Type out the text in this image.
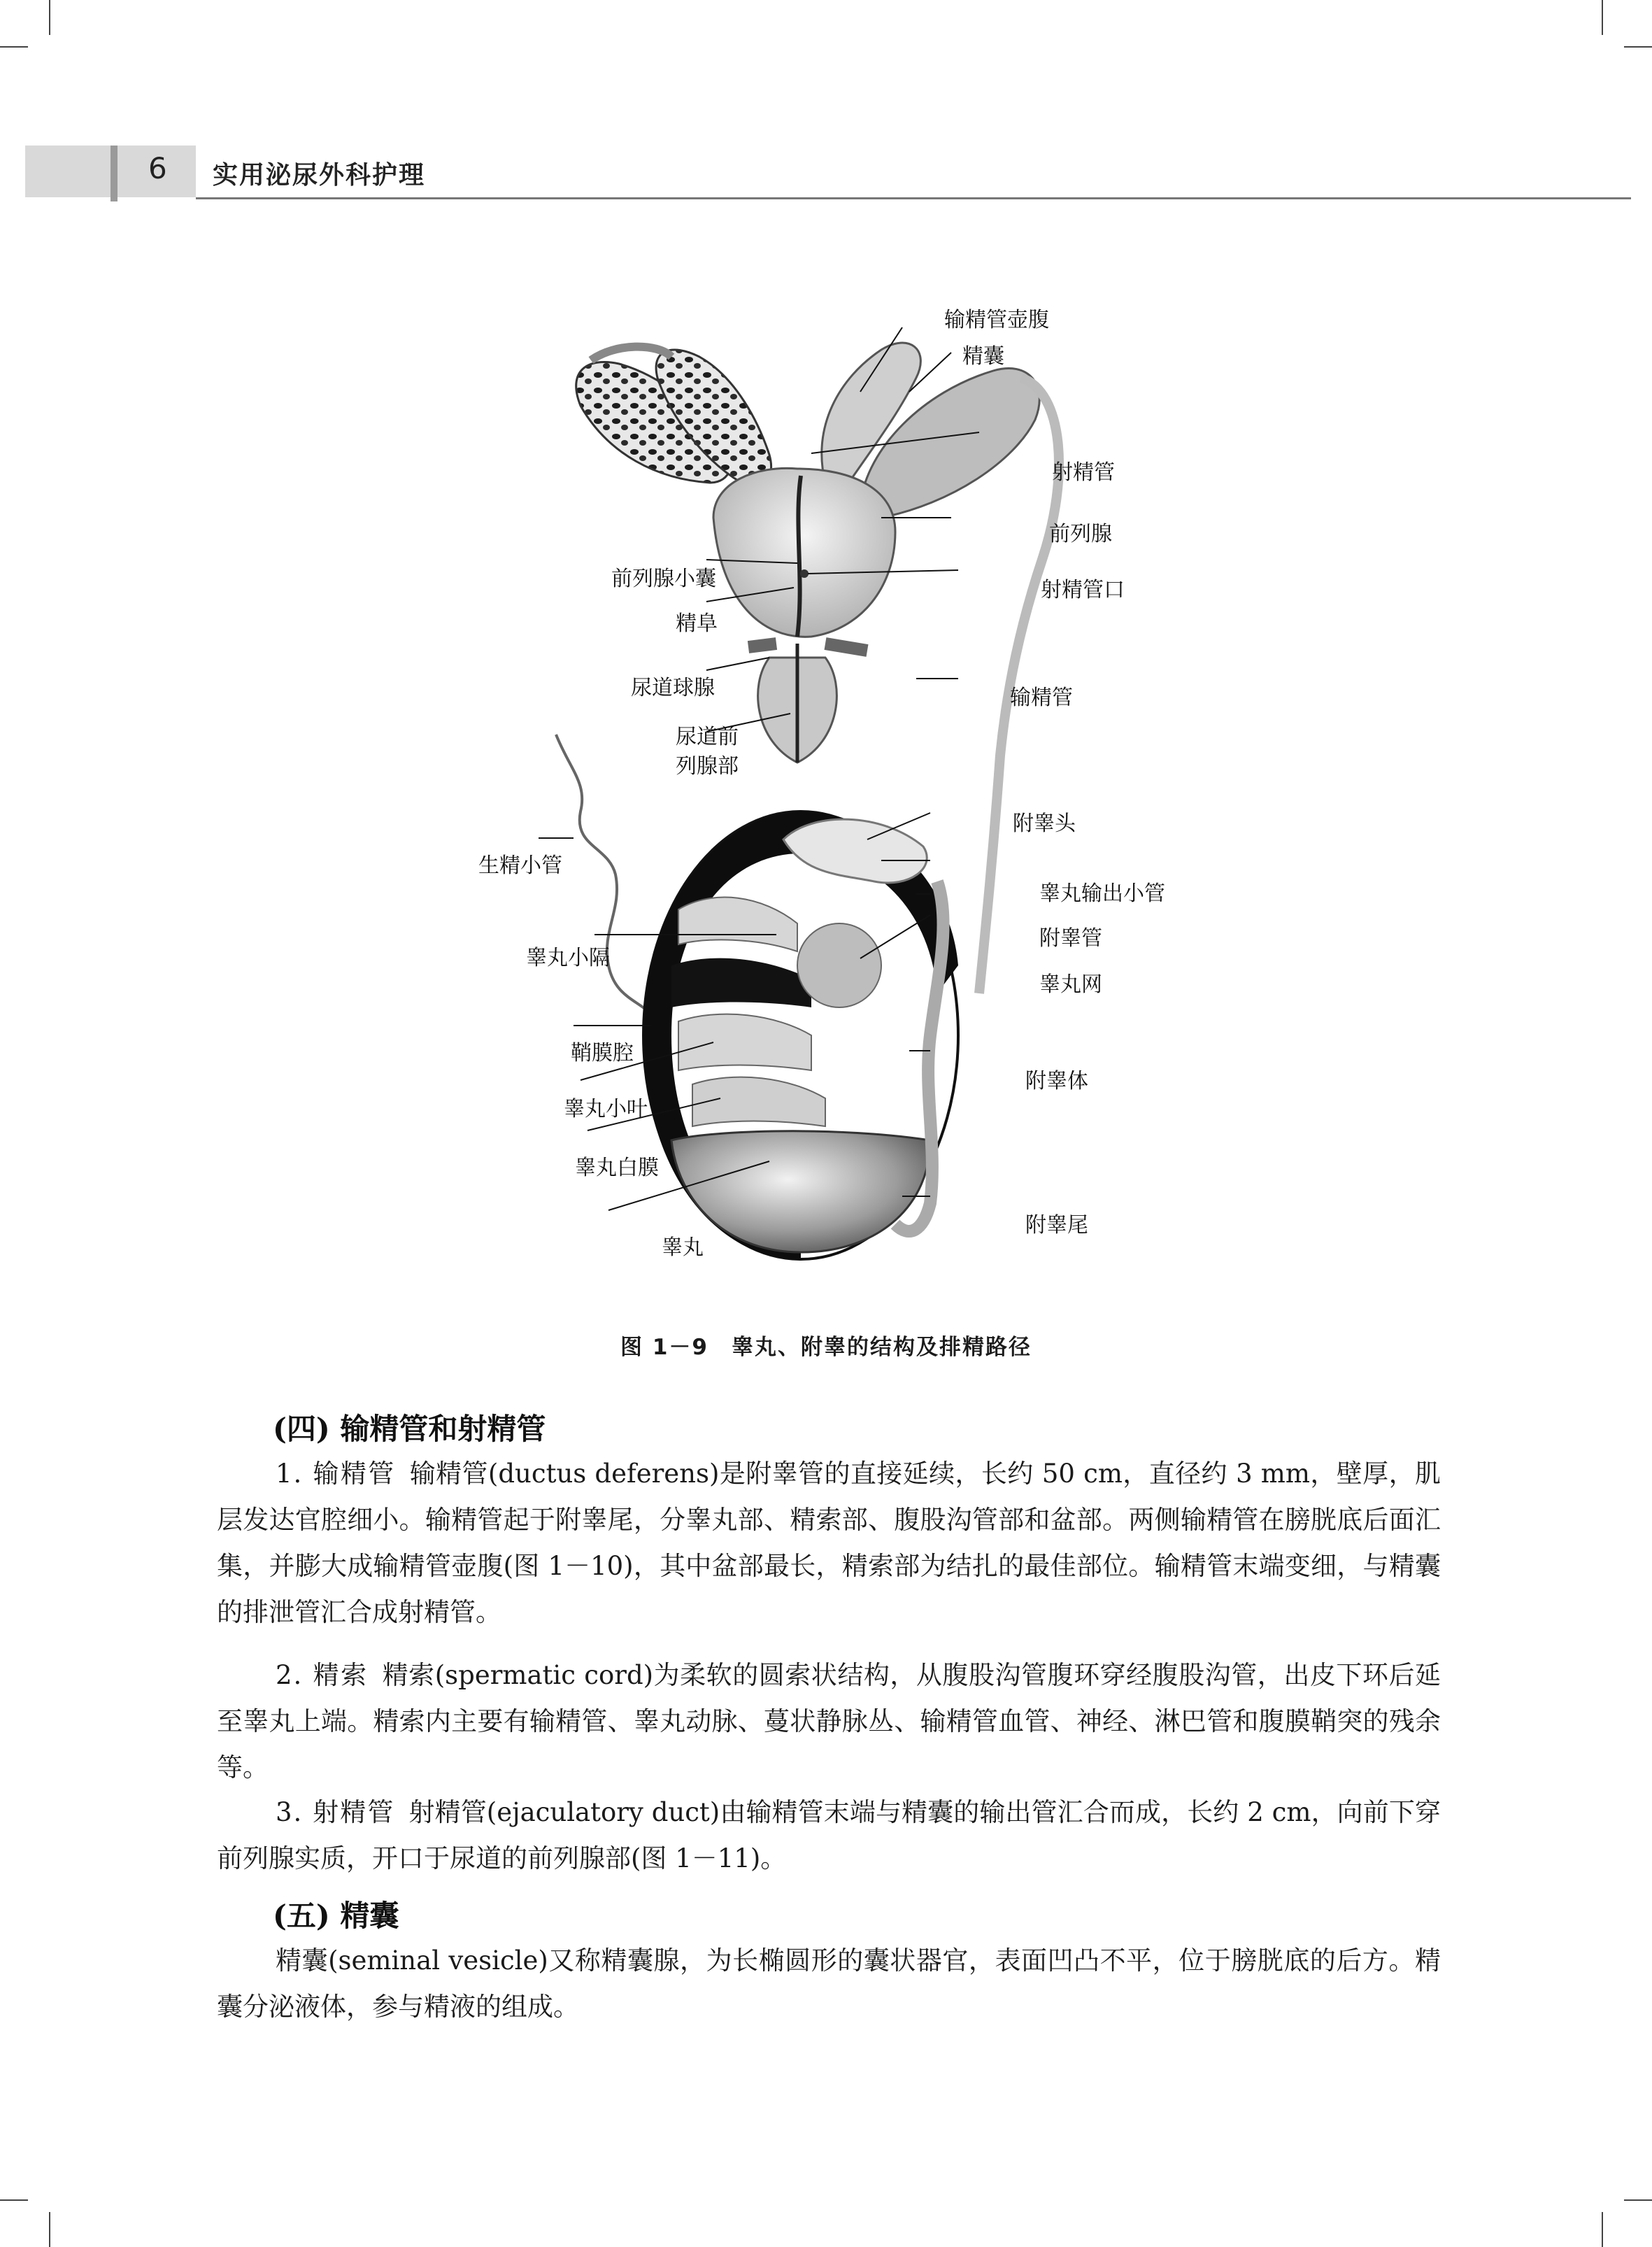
6 实用泌尿外科护理
输精管壶腹
精囊
射精管
前列腺
前列腺小囊	射精管口
精阜
尿道球腺	输精管
尿道前
列腺部
附睾头
生精小管
睾丸输出小管
附睾管
睾丸小隔
睾丸网
鞘膜腔
附睾体
睾丸小叶
睾丸白膜
附睾尾
睾丸
图 1－9　睾丸、附睾的结构及排精路径
(四) 输精管和射精管
1. 输精管 输精管(ductus deferens)是附睾管的直接延续，长约 50 cm，直径约 3 mm，壁厚，肌层发达官腔细小。输精管起于附睾尾，分睾丸部、精索部、腹股沟管部和盆部。两侧输精管在膀胱底后面汇集，并膨大成输精管壶腹(图 1－10)，其中盆部最长，精索部为结扎的最佳部位。输精管末端变细，与精囊的排泄管汇合成射精管。
2. 精索 精索(spermatic cord)为柔软的圆索状结构，从腹股沟管腹环穿经腹股沟管，出皮下环后延至睾丸上端。精索内主要有输精管、睾丸动脉、蔓状静脉丛、输精管血管、神经、淋巴管和腹膜鞘突的残余等。
3. 射精管 射精管(ejaculatory duct)由输精管末端与精囊的输出管汇合而成，长约 2 cm，向前下穿前列腺实质，开口于尿道的前列腺部(图 1－11)。
(五) 精囊
精囊(seminal vesicle)又称精囊腺，为长椭圆形的囊状器官，表面凹凸不平，位于膀胱底的后方。精囊分泌液体，参与精液的组成。
